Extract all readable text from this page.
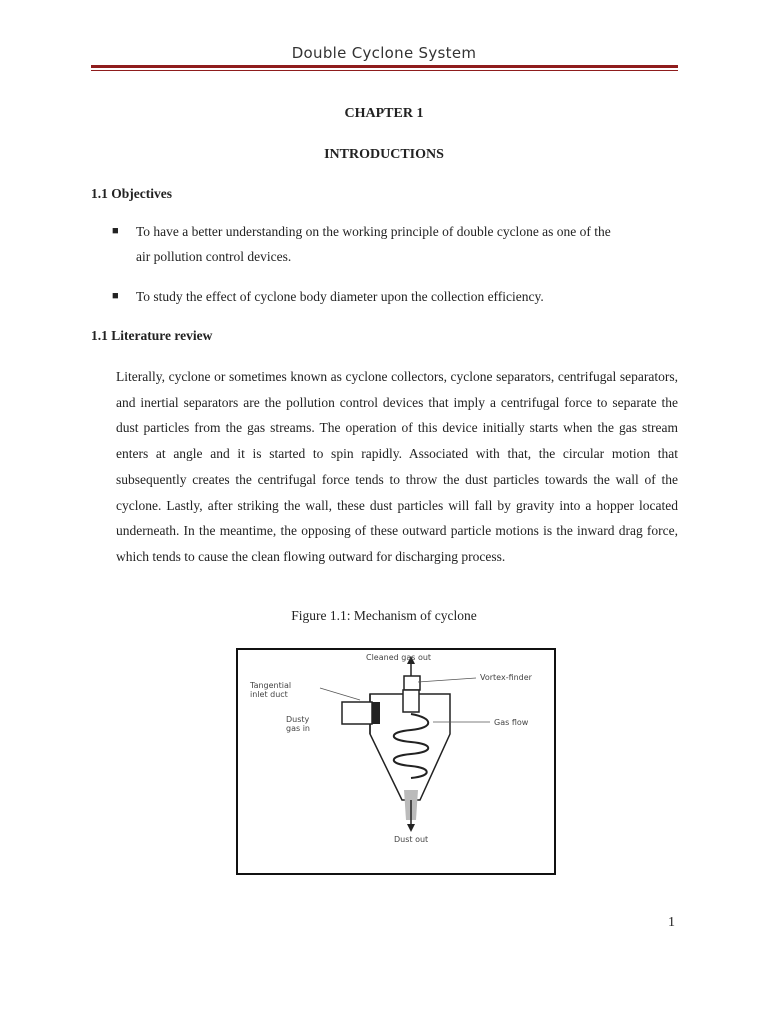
Double Cyclone System
CHAPTER 1
INTRODUCTIONS
1.1 Objectives
■ To have a better understanding on the working principle of double cyclone as one of the
air pollution control devices.
■ To study the effect of cyclone body diameter upon the collection efficiency.
1.1 Literature review

Literally, cyclone or sometimes known as cyclone collectors, cyclone separators, centrifugal separators, and inertial separators are the pollution control devices that imply a centrifugal force to separate the dust particles from the gas streams. The operation of this device initially starts when the gas stream enters at angle and it is started to spin rapidly. Associated with that, the circular motion that subsequently creates the centrifugal force tends to throw the dust particles towards the wall of the cyclone. Lastly, after striking the wall, these dust particles will fall by gravity into a hopper located underneath. In the meantime, the opposing of these outward particle motions is the inward drag force, which tends to cause the clean flowing outward for discharging process.

Figure 1.1: Mechanism of cyclone
Cleaned gas out
Vortex-finder
Tangential
inlet duct
Dusty
gas in
Gas flow
Dust out
1
